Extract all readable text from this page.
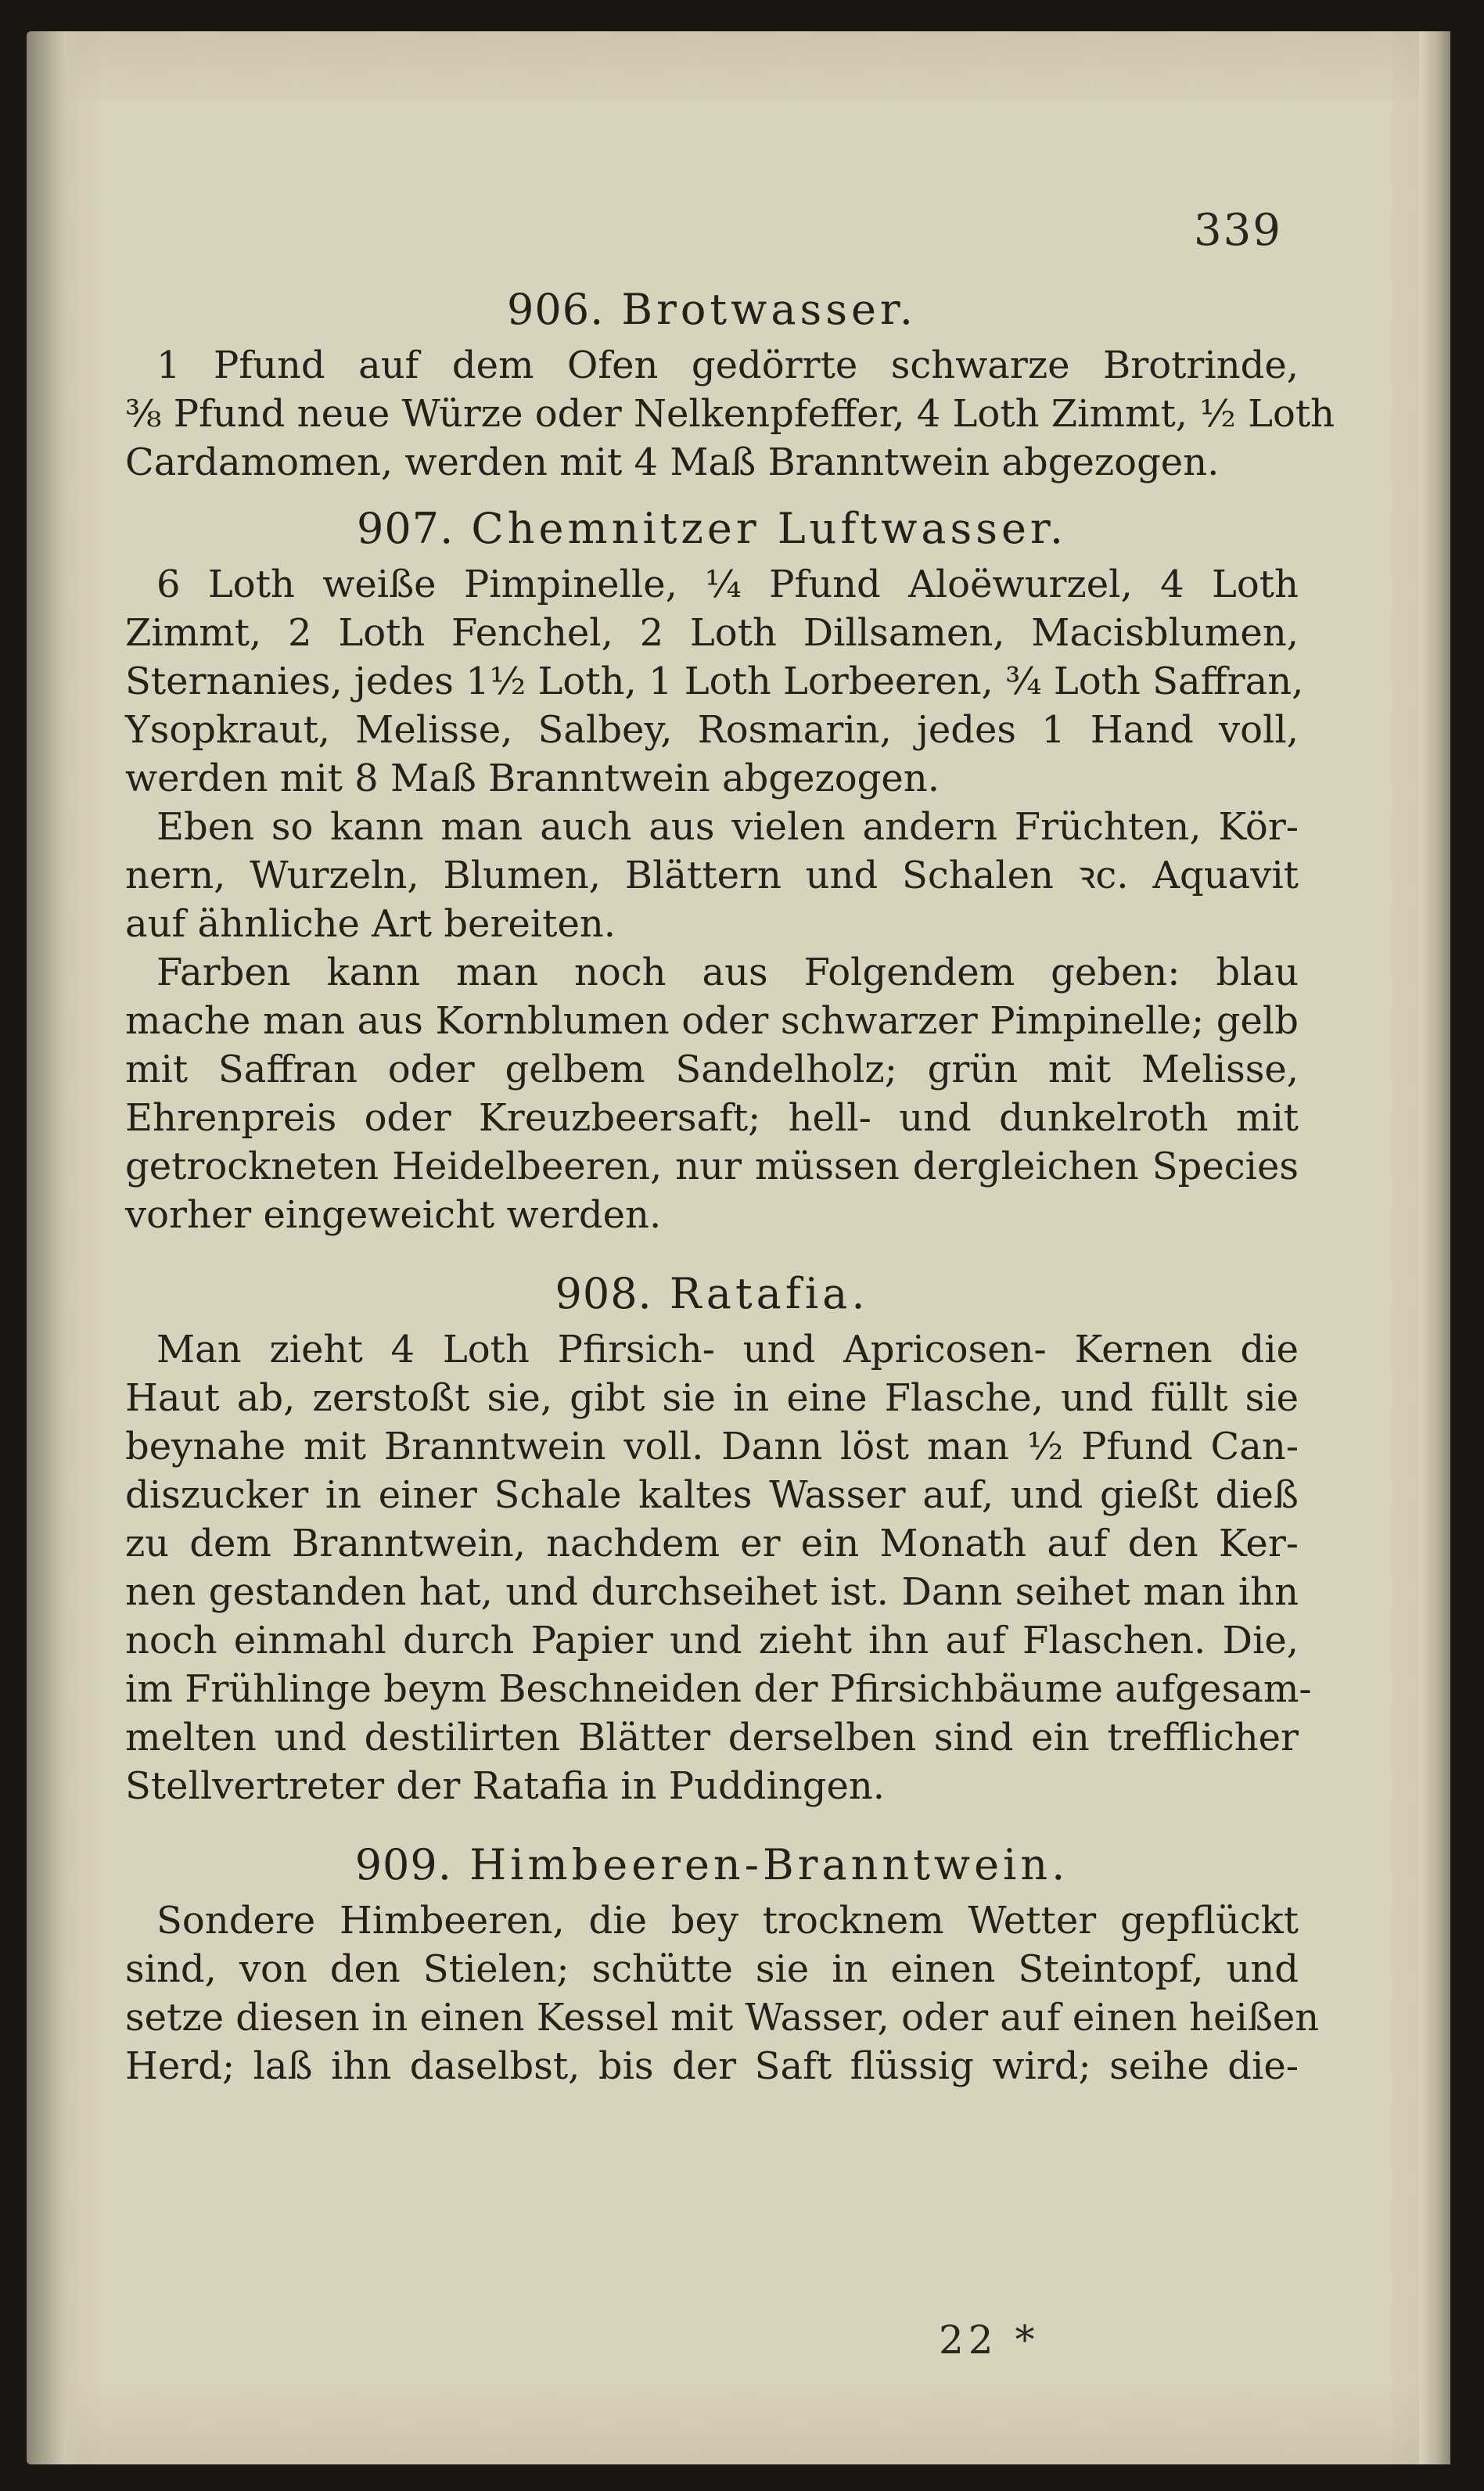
339

906. Brotwasser.

1 Pfund auf dem Ofen gedörrte schwarze Brotrinde,

⅜ Pfund neue Würze oder Nelkenpfeffer, 4 Loth Zimmt, ½ Loth

Cardamomen, werden mit 4 Maß Branntwein abgezogen.

907. Chemnitzer Luftwasser.

6 Loth weiße Pimpinelle, ¼ Pfund Aloëwurzel, 4 Loth

Zimmt, 2 Loth Fenchel, 2 Loth Dillsamen, Macisblumen,

Sternanies, jedes 1½ Loth, 1 Loth Lorbeeren, ¾ Loth Saffran,

Ysopkraut, Melisse, Salbey, Rosmarin, jedes 1 Hand voll,

werden mit 8 Maß Branntwein abgezogen.

Eben so kann man auch aus vielen andern Früchten, Kör-

nern, Wurzeln, Blumen, Blättern und Schalen ꝛc. Aquavit

auf ähnliche Art bereiten.

Farben kann man noch aus Folgendem geben: blau

mache man aus Kornblumen oder schwarzer Pimpinelle; gelb

mit Saffran oder gelbem Sandelholz; grün mit Melisse,

Ehrenpreis oder Kreuzbeersaft; hell- und dunkelroth mit

getrockneten Heidelbeeren, nur müssen dergleichen Species

vorher eingeweicht werden.

908. Ratafia.

Man zieht 4 Loth Pfirsich- und Apricosen- Kernen die

Haut ab, zerstoßt sie, gibt sie in eine Flasche, und füllt sie

beynahe mit Branntwein voll. Dann löst man ½ Pfund Can-

diszucker in einer Schale kaltes Wasser auf, und gießt dieß

zu dem Branntwein, nachdem er ein Monath auf den Ker-

nen gestanden hat, und durchseihet ist. Dann seihet man ihn

noch einmahl durch Papier und zieht ihn auf Flaschen. Die,

im Frühlinge beym Beschneiden der Pfirsichbäume aufgesam-

melten und destilirten Blätter derselben sind ein trefflicher

Stellvertreter der Ratafia in Puddingen.

909. Himbeeren-Branntwein.

Sondere Himbeeren, die bey trocknem Wetter gepflückt

sind, von den Stielen; schütte sie in einen Steintopf, und

setze diesen in einen Kessel mit Wasser, oder auf einen heißen

Herd; laß ihn daselbst, bis der Saft flüssig wird; seihe die-

22 *
